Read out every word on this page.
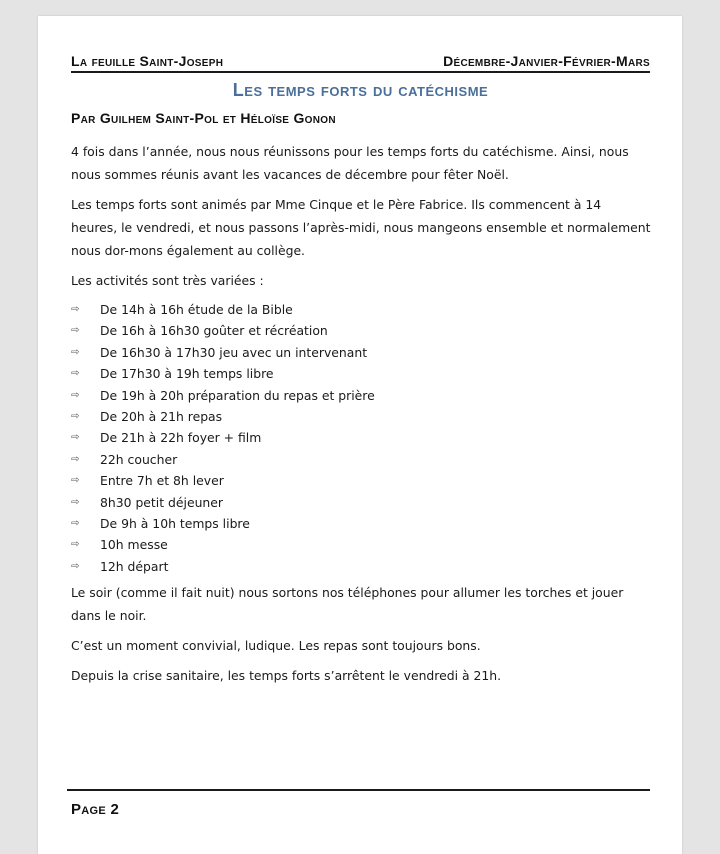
La feuille Saint-Joseph	Décembre-Janvier-Février-Mars
Les temps forts du catéchisme
Par Guilhem Saint-Pol et Héloïse Gonon

4 fois dans l’année, nous nous réunissons pour les temps forts du catéchisme. Ainsi, nous nous sommes réunis avant les vacances de décembre pour fêter Noël.

Les temps forts sont animés par Mme Cinque et le Père Fabrice. Ils commencent à 14 heures, le vendredi, et nous passons l’après-midi, nous mangeons ensemble et normalement nous dor-mons également au collège.

Les activités sont très variées :

⇨ De 14h à 16h étude de la Bible
⇨ De 16h à 16h30 goûter et récréation
⇨ De 16h30 à 17h30 jeu avec un intervenant
⇨ De 17h30 à 19h temps libre
⇨ De 19h à 20h préparation du repas et prière
⇨ De 20h à 21h repas
⇨ De 21h à 22h foyer + film
⇨ 22h coucher
⇨ Entre 7h et 8h lever
⇨ 8h30 petit déjeuner
⇨ De 9h à 10h temps libre
⇨ 10h messe
⇨ 12h départ

Le soir (comme il fait nuit) nous sortons nos téléphones pour allumer les torches et jouer dans le noir.

C’est un moment convivial, ludique. Les repas sont toujours bons.

Depuis la crise sanitaire, les temps forts s’arrêtent le vendredi à 21h.

Page 2
